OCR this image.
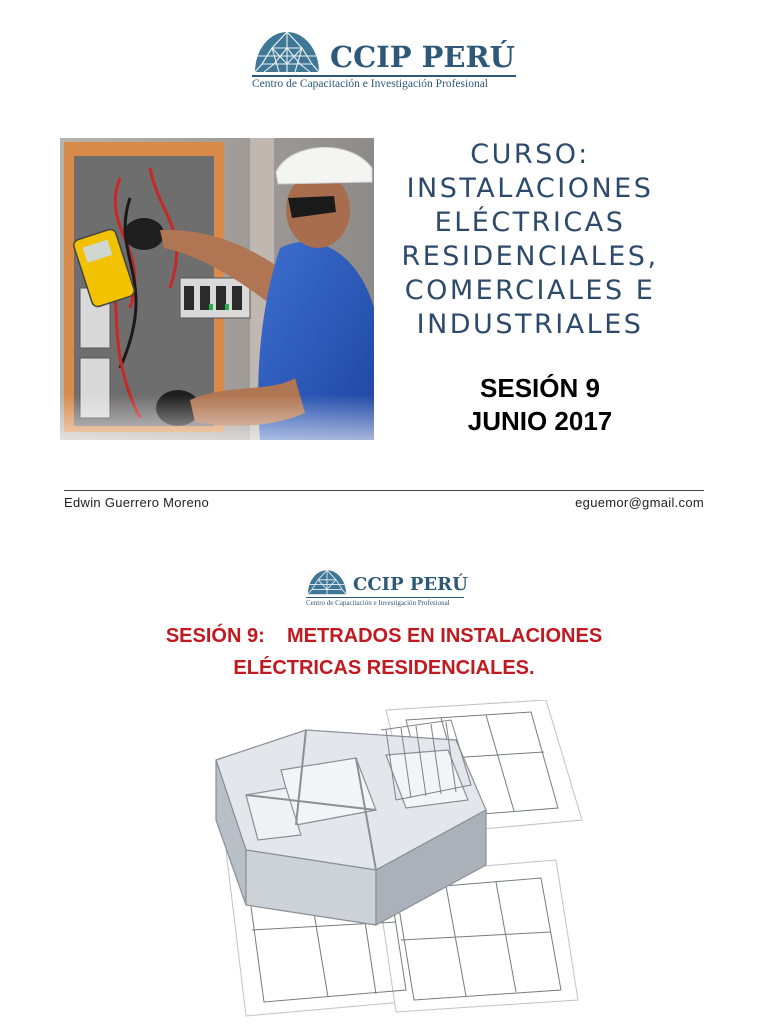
CCIP PERÚ
Centro de Capacitación e Investigación Profesional
CURSO:
INSTALACIONES
ELÉCTRICAS
RESIDENCIALES,
COMERCIALES E
INDUSTRIALES
SESIÓN 9
JUNIO 2017
Edwin Guerrero Moreno	eguemor@gmail.com
CCIP PERÚ
Centro de Capacitación e Investigación Profesional
SESIÓN 9:    METRADOS EN INSTALACIONES
ELÉCTRICAS RESIDENCIALES.
